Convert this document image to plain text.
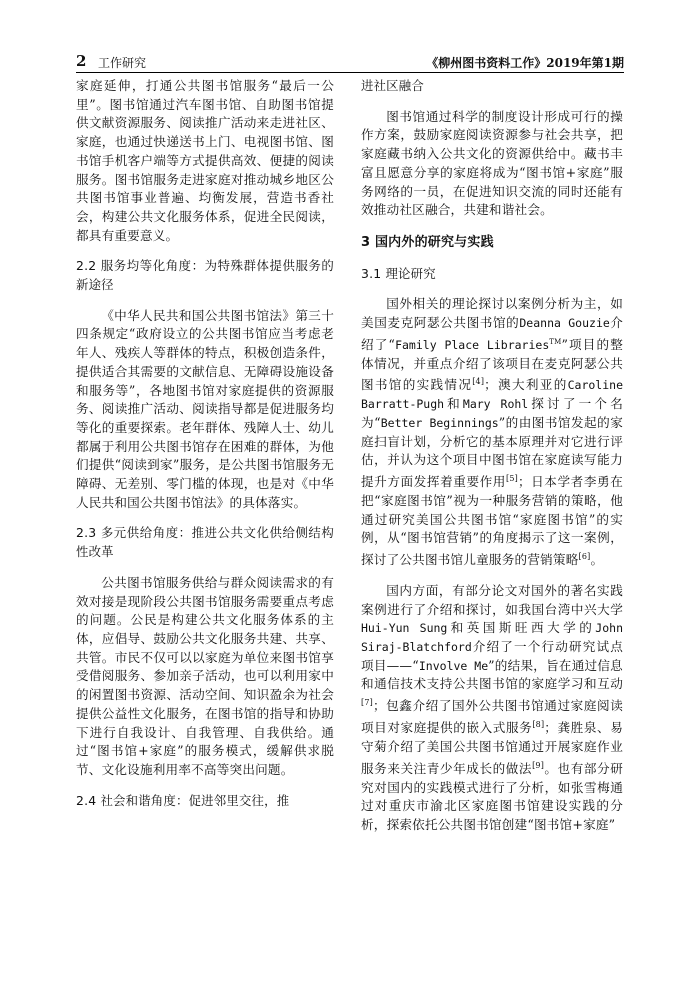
2 工作研究	《柳州图书资料工作》2019年第1期

家庭延伸，打通公共图书馆服务“最后一公里”。图书馆通过汽车图书馆、自助图书馆提供文献资源服务、阅读推广活动来走进社区、家庭，也通过快递送书上门、电视图书馆、图书馆手机客户端等方式提供高效、便捷的阅读服务。图书馆服务走进家庭对推动城乡地区公共图书馆事业普遍、均衡发展，营造书香社会，构建公共文化服务体系，促进全民阅读，都具有重要意义。

2.2 服务均等化角度：为特殊群体提供服务的新途径

《中华人民共和国公共图书馆法》第三十四条规定“政府设立的公共图书馆应当考虑老年人、残疾人等群体的特点，积极创造条件，提供适合其需要的文献信息、无障碍设施设备和服务等”，各地图书馆对家庭提供的资源服务、阅读推广活动、阅读指导都是促进服务均等化的重要探索。老年群体、残障人士、幼儿都属于利用公共图书馆存在困难的群体，为他们提供“阅读到家”服务，是公共图书馆服务无障碍、无差别、零门槛的体现，也是对《中华人民共和国公共图书馆法》的具体落实。

2.3 多元供给角度：推进公共文化供给侧结构性改革

公共图书馆服务供给与群众阅读需求的有效对接是现阶段公共图书馆服务需要重点考虑的问题。公民是构建公共文化服务体系的主体，应倡导、鼓励公共文化服务共建、共享、共管。市民不仅可以以家庭为单位来图书馆享受借阅服务、参加亲子活动，也可以利用家中的闲置图书资源、活动空间、知识盈余为社会提供公益性文化服务，在图书馆的指导和协助下进行自我设计、自我管理、自我供给。通过“图书馆+家庭”的服务模式，缓解供求脱节、文化设施利用率不高等突出问题。

2.4 社会和谐角度：促进邻里交往，推

进社区融合

图书馆通过科学的制度设计形成可行的操作方案，鼓励家庭阅读资源参与社会共享，把家庭藏书纳入公共文化的资源供给中。藏书丰富且愿意分享的家庭将成为“图书馆+家庭”服务网络的一员，在促进知识交流的同时还能有效推动社区融合，共建和谐社会。

3 国内外的研究与实践

3.1 理论研究

国外相关的理论探讨以案例分析为主，如美国麦克阿瑟公共图书馆的Deanna Gouzie介绍了“Family Place Libraries™”项目的整体情况，并重点介绍了该项目在麦克阿瑟公共图书馆的实践情况[4]；澳大利亚的Caroline Barratt-Pugh和Mary Rohl探讨了一个名为“Better Beginnings”的由图书馆发起的家庭扫盲计划，分析它的基本原理并对它进行评估，并认为这个项目中图书馆在家庭读写能力提升方面发挥着重要作用[5]；日本学者李勇在把“家庭图书馆”视为一种服务营销的策略，他通过研究美国公共图书馆“家庭图书馆”的实例，从“图书馆营销”的角度揭示了这一案例，探讨了公共图书馆儿童服务的营销策略[6]。

国内方面，有部分论文对国外的著名实践案例进行了介绍和探讨，如我国台湾中兴大学Hui-Yun Sung和英国斯旺西大学的John Siraj-Blatchford介绍了一个行动研究试点项目——“Involve Me”的结果，旨在通过信息和通信技术支持公共图书馆的家庭学习和互动[7]；包鑫介绍了国外公共图书馆通过家庭阅读项目对家庭提供的嵌入式服务[8]；龚胜泉、易守菊介绍了美国公共图书馆通过开展家庭作业服务来关注青少年成长的做法[9]。也有部分研究对国内的实践模式进行了分析，如张雪梅通过对重庆市渝北区家庭图书馆建设实践的分析，探索依托公共图书馆创建“图书馆+家庭”
